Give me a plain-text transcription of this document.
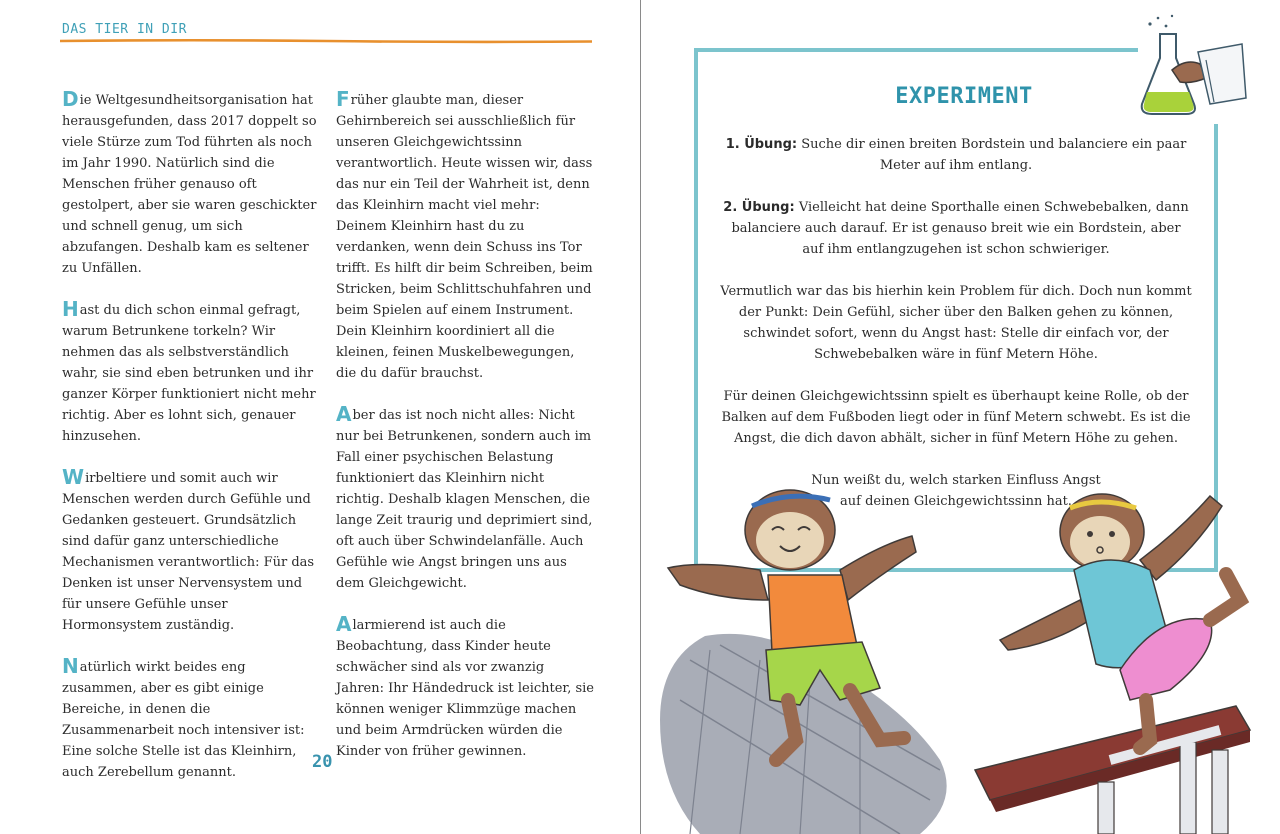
DAS TIER IN DIR

Die Weltgesundheitsorganisation hat herausgefunden, dass 2017 doppelt so viele Stürze zum Tod führten als noch im Jahr 1990. Natürlich sind die Menschen früher genauso oft gestolpert, aber sie waren geschickter und schnell genug, um sich abzufangen. Deshalb kam es seltener zu Unfällen.

Hast du dich schon einmal gefragt, warum Betrunkene torkeln? Wir nehmen das als selbstverständlich wahr, sie sind eben betrunken und ihr ganzer Körper funktioniert nicht mehr richtig. Aber es lohnt sich, genauer hinzusehen.

Wirbeltiere und somit auch wir Menschen werden durch Gefühle und Gedanken gesteuert. Grundsätzlich sind dafür ganz unterschiedliche Mechanismen verantwortlich: Für das Denken ist unser Nervensystem und für unsere Gefühle unser Hormonsystem zuständig.

Natürlich wirkt beides eng zusammen, aber es gibt einige Bereiche, in denen die Zusammenarbeit noch intensiver ist: Eine solche Stelle ist das Kleinhirn, auch Zerebellum genannt.

Früher glaubte man, dieser Gehirnbereich sei ausschließlich für unseren Gleichgewichtssinn verantwortlich. Heute wissen wir, dass das nur ein Teil der Wahrheit ist, denn das Kleinhirn macht viel mehr: Deinem Kleinhirn hast du zu verdanken, wenn dein Schuss ins Tor trifft. Es hilft dir beim Schreiben, beim Stricken, beim Schlittschuhfahren und beim Spielen auf einem Instrument. Dein Kleinhirn koordiniert all die kleinen, feinen Muskelbewegungen, die du dafür brauchst.

Aber das ist noch nicht alles: Nicht nur bei Betrunkenen, sondern auch im Fall einer psychischen Belastung funktioniert das Kleinhirn nicht richtig. Deshalb klagen Menschen, die lange Zeit traurig und deprimiert sind, oft auch über Schwindelanfälle. Auch Gefühle wie Angst bringen uns aus dem Gleichgewicht.

Alarmierend ist auch die Beobachtung, dass Kinder heute schwächer sind als vor zwanzig Jahren: Ihr Händedruck ist leichter, sie können weniger Klimmzüge machen und beim Armdrücken würden die Kinder von früher gewinnen.

20
EXPERIMENT

1. Übung: Suche dir einen breiten Bordstein und balanciere ein paar Meter auf ihm entlang.

2. Übung: Vielleicht hat deine Sporthalle einen Schwebebalken, dann balanciere auch darauf. Er ist genauso breit wie ein Bordstein, aber auf ihm entlangzugehen ist schon schwieriger.

Vermutlich war das bis hierhin kein Problem für dich. Doch nun kommt der Punkt: Dein Gefühl, sicher über den Balken gehen zu können, schwindet sofort, wenn du Angst hast: Stelle dir einfach vor, der Schwebebalken wäre in fünf Metern Höhe.

Für deinen Gleichgewichtssinn spielt es überhaupt keine Rolle, ob der Balken auf dem Fußboden liegt oder in fünf Metern schwebt. Es ist die Angst, die dich davon abhält, sicher in fünf Metern Höhe zu gehen.

Nun weißt du, welch starken Einfluss Angst auf deinen Gleichgewichtssinn hat.
